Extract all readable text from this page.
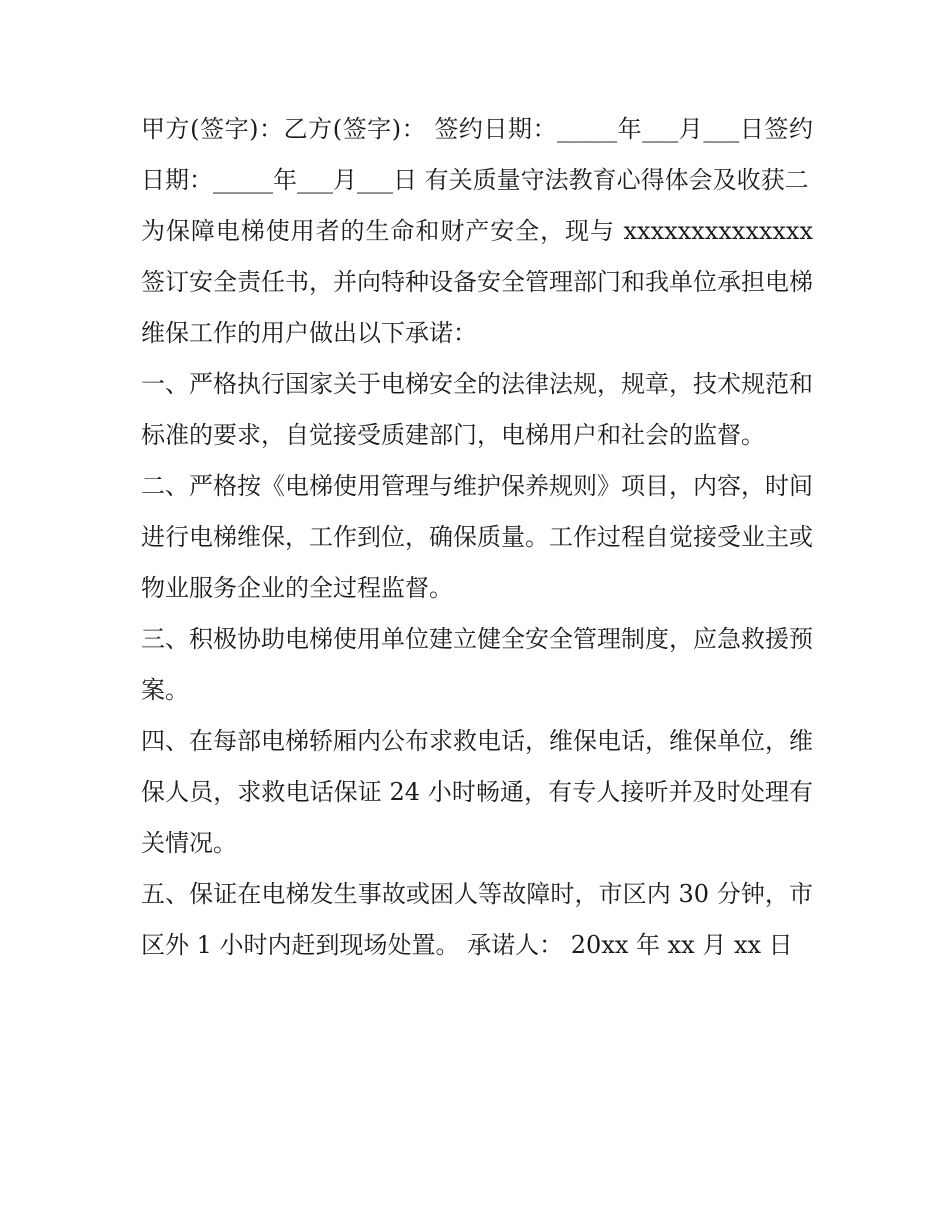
甲方(签字)：乙方(签字)： 签约日期：_____年___月___日签约日期：_____年___月___日 有关质量守法教育心得体会及收获二

为保障电梯使用者的生命和财产安全，现与 xxxxxxxxxxxxxx 签订安全责任书，并向特种设备安全管理部门和我单位承担电梯维保工作的用户做出以下承诺：

一、严格执行国家关于电梯安全的法律法规，规章，技术规范和标准的要求，自觉接受质建部门，电梯用户和社会的监督。

二、严格按《电梯使用管理与维护保养规则》项目，内容，时间进行电梯维保，工作到位，确保质量。工作过程自觉接受业主或物业服务企业的全过程监督。

三、积极协助电梯使用单位建立健全安全管理制度，应急救援预案。

四、在每部电梯轿厢内公布求救电话，维保电话，维保单位，维保人员，求救电话保证 24 小时畅通，有专人接听并及时处理有关情况。

五、保证在电梯发生事故或困人等故障时，市区内 30 分钟，市区外 1 小时内赶到现场处置。 承诺人： 20xx 年 xx 月 xx 日
